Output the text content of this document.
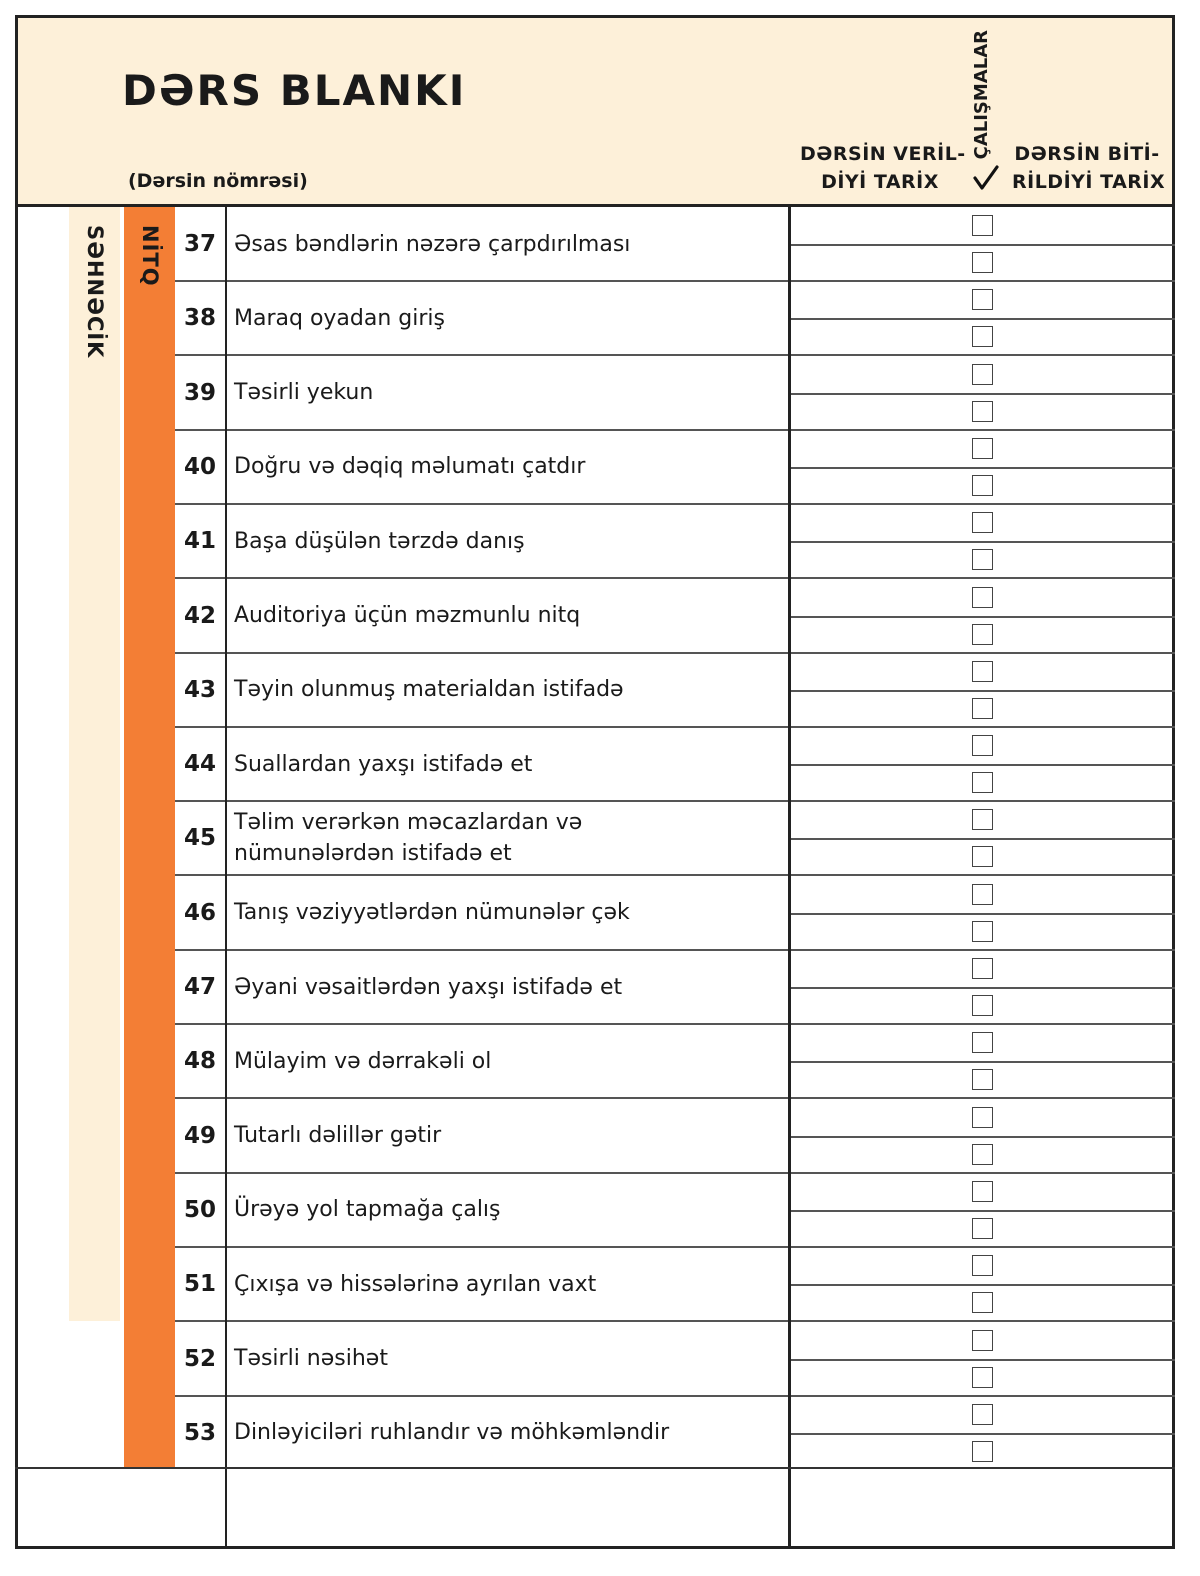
DƏRS BLANKI
(Dərsin nömrəsi)
DƏRSİN VERİL-
DİYİ TARİX
ÇALIŞMALAR DƏRSİN BİTİ-
RİLDİYİ TARİX
SƏHNƏCİK NİTQ 37 Əsas bəndlərin nəzərə çarpdırılması
38 Maraq oyadan giriş
39 Təsirli yekun
40 Doğru və dəqiq məlumatı çatdır
41 Başa düşülən tərzdə danış
42 Auditoriya üçün məzmunlu nitq
43 Təyin olunmuş materialdan istifadə
44 Suallardan yaxşı istifadə et
45
Təlim verərkən məcazlardan və
nümunələrdən istifadə et
46 Tanış vəziyyətlərdən nümunələr çək
47 Əyani vəsaitlərdən yaxşı istifadə et
48 Mülayim və dərrakəli ol
49 Tutarlı dəlillər gətir
50 Ürəyə yol tapmağa çalış
51 Çıxışa və hissələrinə ayrılan vaxt
52 Təsirli nəsihət
53 Dinləyiciləri ruhlandır və möhkəmləndir
